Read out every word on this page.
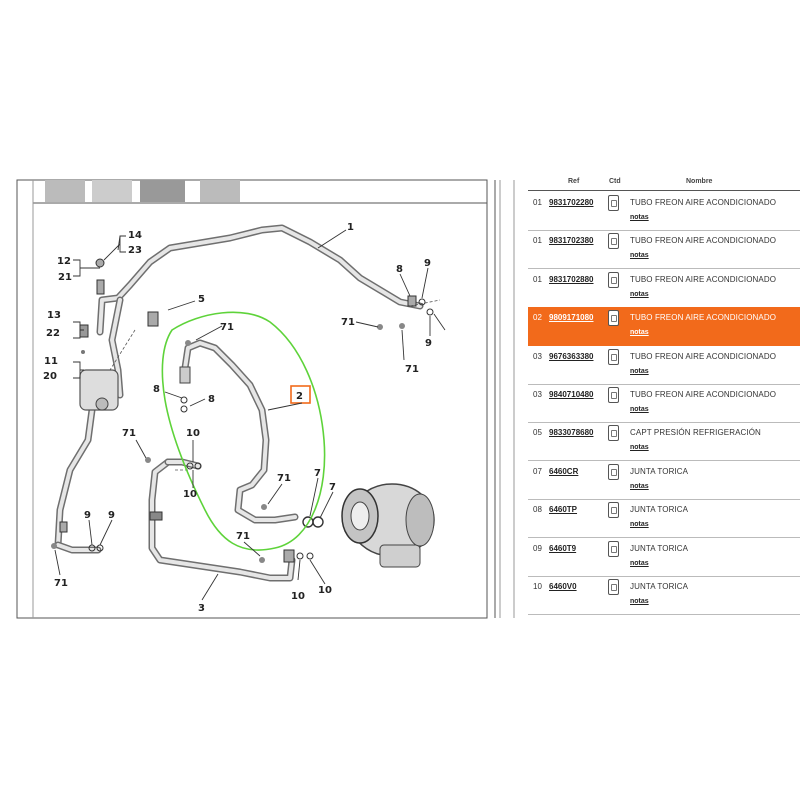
1
2
3
5
7
7
8
8
8
9
9
9 9
10
10
10
10
11
12
13
14
20
21
22
23
71
71
71
71
71
71
71
Ref	Ctd	Nombre
01 9831702280	TUBO FREON AIRE ACONDICIONADO
notas
01 9831702380	TUBO FREON AIRE ACONDICIONADO
notas
01 9831702880	TUBO FREON AIRE ACONDICIONADO
notas
02 9809171080	TUBO FREON AIRE ACONDICIONADO
notas
03 9676363380	TUBO FREON AIRE ACONDICIONADO
notas
03 9840710480	TUBO FREON AIRE ACONDICIONADO
notas
05 9833078680	CAPT PRESIÓN REFRIGERACIÓN
notas
07 6460CR	JUNTA TORICA
notas
08 6460TP	JUNTA TORICA
notas
09 6460T9	JUNTA TORICA
notas
10 6460V0	JUNTA TORICA
notas
